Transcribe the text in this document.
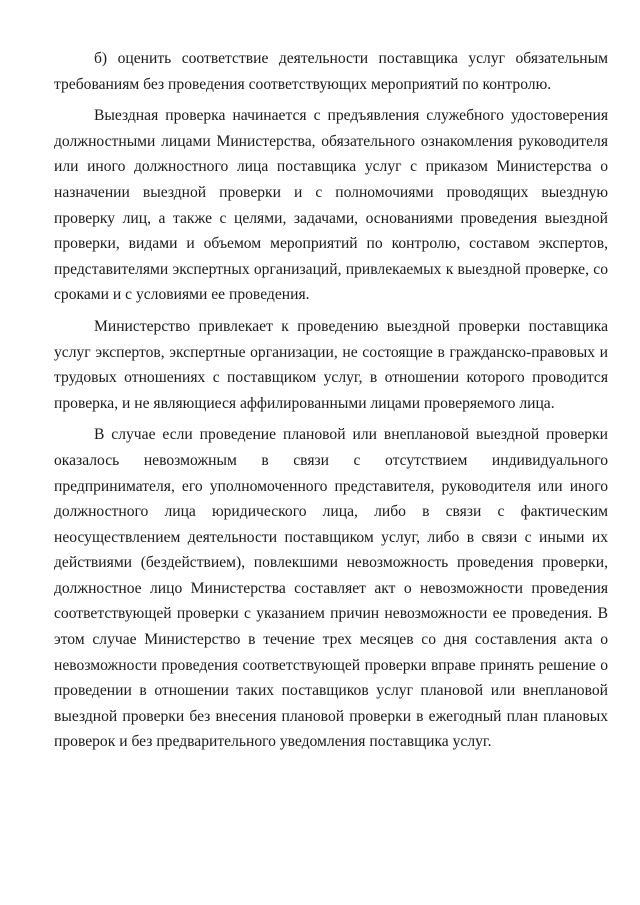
б) оценить соответствие деятельности поставщика услуг обязательным требованиям без проведения соответствующих мероприятий по контролю.

Выездная проверка начинается с предъявления служебного удостоверения должностными лицами Министерства, обязательного ознакомления руководителя или иного должностного лица поставщика услуг с приказом Министерства о назначении выездной проверки и с полномочиями проводящих выездную проверку лиц, а также с целями, задачами, основаниями проведения выездной проверки, видами и объемом мероприятий по контролю, составом экспертов, представителями экспертных организаций, привлекаемых к выездной проверке, со сроками и с условиями ее проведения.

Министерство привлекает к проведению выездной проверки поставщика услуг экспертов, экспертные организации, не состоящие в гражданско-правовых и трудовых отношениях с поставщиком услуг, в отношении которого проводится проверка, и не являющиеся аффилированными лицами проверяемого лица.

В случае если проведение плановой или внеплановой выездной проверки оказалось невозможным в связи с отсутствием индивидуального предпринимателя, его уполномоченного представителя, руководителя или иного должностного лица юридического лица, либо в связи с фактическим неосуществлением деятельности поставщиком услуг, либо в связи с иными их действиями (бездействием), повлекшими невозможность проведения проверки, должностное лицо Министерства составляет акт о невозможности проведения соответствующей проверки с указанием причин невозможности ее проведения. В этом случае Министерство в течение трех месяцев со дня составления акта о невозможности проведения соответствующей проверки вправе принять решение о проведении в отношении таких поставщиков услуг плановой или внеплановой выездной проверки без внесения плановой проверки в ежегодный план плановых проверок и без предварительного уведомления поставщика услуг.
